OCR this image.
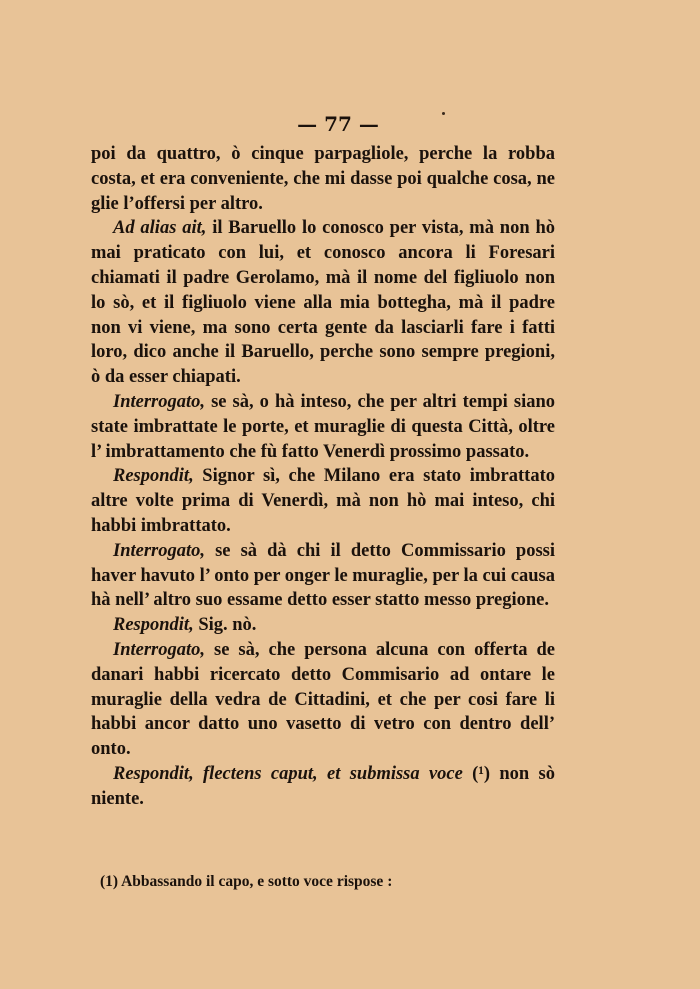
— 77 —

poi da quattro, ò cinque parpagliole, perche la robba costa, et era conveniente, che mi dasse poi qualche cosa, ne glie l’offersi per altro.

Ad alias ait, il Baruello lo conosco per vista, mà non hò mai praticato con lui, et conosco ancora li Foresari chiamati il padre Gerolamo, mà il nome del figliuolo non lo sò, et il figliuolo viene alla mia bottegha, mà il padre non vi viene, ma sono certa gente da lasciarli fare i fatti loro, dico anche il Baruello, perche sono sempre pregioni, ò da esser chiapati.

Interrogato, se sà, o hà inteso, che per altri tempi siano state imbrattate le porte, et muraglie di questa Città, oltre l’ imbrattamento che fù fatto Venerdì prossimo passato.

Respondit, Signor sì, che Milano era stato imbrattato altre volte prima di Venerdì, mà non hò mai inteso, chi habbi imbrattato.

Interrogato, se sà dà chi il detto Commissario possi haver havuto l’ onto per onger le muraglie, per la cui causa hà nell’ altro suo essame detto esser statto messo pregione.

Respondit, Sig. nò.

Interrogato, se sà, che persona alcuna con offerta de danari habbi ricercato detto Commisario ad ontare le muraglie della vedra de Cittadini, et che per cosi fare li habbi ancor datto uno vasetto di vetro con dentro dell’ onto.

Respondit, flectens caput, et submissa voce (¹) non sò niente.

(1) Abbassando il capo, e sotto voce rispose :
